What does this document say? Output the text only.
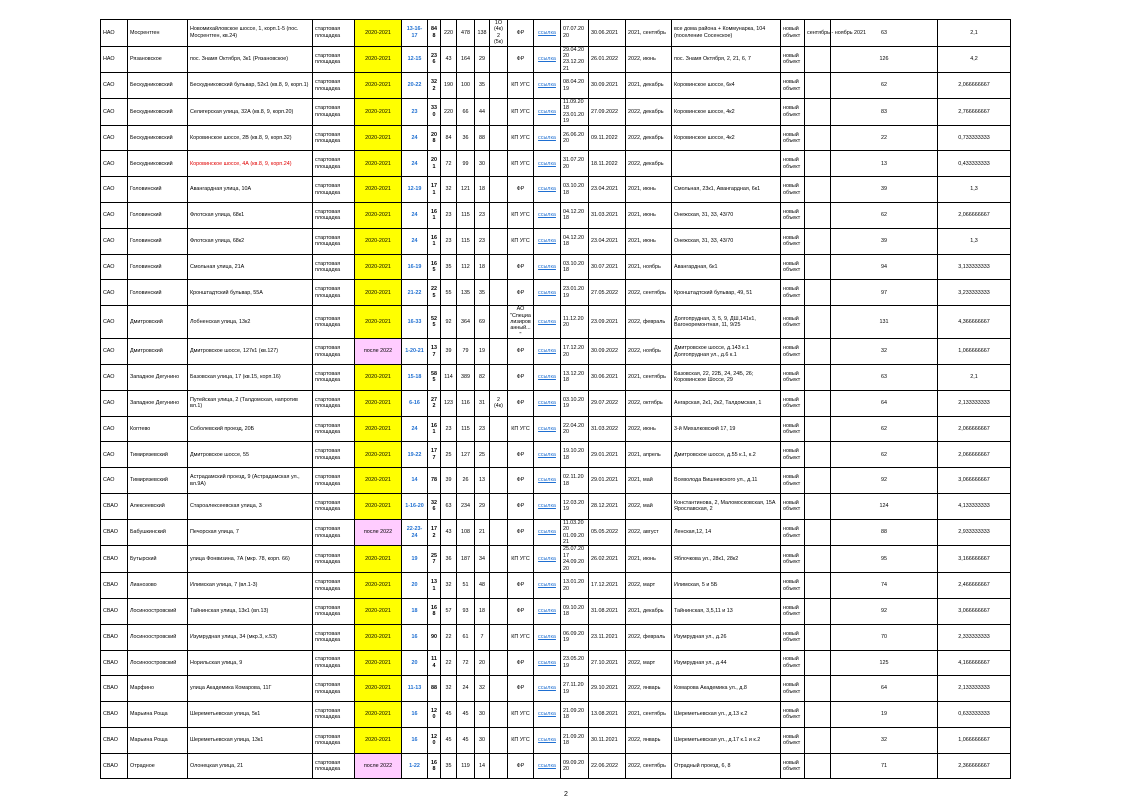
НАО	Мосрентген	Новомихайловское шоссе, 1, корп.1-5 (пос. Мосрентген, кв.24)	стартовая площадка	2020-2021	13-16-17	848	220	478	138	1О (4к) 2 (5к)	ФР	ссылка	07.07.2020	30.06.2021	2021, сентябрь	все дома района + Коммунарка, 104 (поселение Сосенское)	новый объект	сентябрь - ноябрь 2021	63	2,1
НАО	Рязановское	пос. Знамя Октября, 3к1 (Рязановское)	стартовая площадка	2020-2021	12-15	236	43	164	29		ФР	ссылка	29.04.2020 23.12.2021	26.01.2022	2022, июнь	пос. Знамя Октября, 2, 21, 6, 7	новый объект		126	4,2
САО	Бескудниковский	Бескудниковский бульвар, 52к1 (кв.8, 9, корп.1)	стартовая площадка	2020-2021	20-22	322	190	100	35		КП УГС	ссылка	08.04.2019	30.09.2021	2021, декабрь	Коровинское шоссе, 6к4	новый объект		62	2,066666667
САО	Бескудниковский	Селигерская улица, 32А (кв.8, 9, корп.20)	стартовая площадка	2020-2021	23	330	220	66	44		КП УГС	ссылка	11.09.2018 23.01.2019	27.09.2022	2022, декабрь	Коровинское шоссе, 4к2	новый объект		83	2,766666667
САО	Бескудниковский	Коровинское шоссе, 2В (кв.8, 9, корп.32)	стартовая площадка	2020-2021	24	208	84	36	88		КП УГС	ссылка	26.06.2020	09.11.2022	2022, декабрь	Коровинское шоссе, 4к2	новый объект		22	0,733333333
САО	Бескудниковский	Коровинское шоссе, 4А (кв.8, 9, корп.24)	стартовая площадка	2020-2021	24	201	72	99	30		КП УГС	ссылка	31.07.2020	18.11.2022	2022, декабрь		новый объект		13	0,433333333
САО	Головинский	Авангардная улица, 10А	стартовая площадка	2020-2021	12-19	171	32	121	18		ФР	ссылка	03.10.2018	23.04.2021	2021, июнь	Смольная, 23к1, Авангардная, 6к1	новый объект		39	1,3
САО	Головинский	Флотская улица, 68к1	стартовая площадка	2020-2021	24	161	23	115	23		КП УГС	ссылка	04.12.2018	31.03.2021	2021, июнь	Онежская, 31, 33, 43/70	новый объект		62	2,066666667
САО	Головинский	Флотская улица, 68к2	стартовая площадка	2020-2021	24	161	23	115	23		КП УГС	ссылка	04.12.2018	23.04.2021	2021, июнь	Онежская, 31, 33, 43/70	новый объект		39	1,3
САО	Головинский	Смольная улица, 21А	стартовая площадка	2020-2021	16-19	165	35	112	18		ФР	ссылка	03.10.2018	30.07.2021	2021, ноябрь	Авангардная, 6к1	новый объект		94	3,133333333
САО	Головинский	Кронштадтский бульвар, 55А	стартовая площадка	2020-2021	21-22	225	55	135	35		ФР	ссылка	23.01.2019	27.05.2022	2022, сентябрь	Кронштадтский бульвар, 49, 51	новый объект		97	3,233333333
САО	Дмитровский	Лобненская улица, 13к2	стартовая площадка	2020-2021	16-33	525	92	364	69		АО "Специализированный..."	ссылка	11.12.2020	23.09.2021	2022, февраль	Долгопрудная, 3, 5, 9, ДШ,141к1, Вагоноремонтная, 11, 9/25	новый объект		131	4,366666667
САО	Дмитровский	Дмитровское шоссе, 127к1 (кв.127)	стартовая площадка	после 2022	1-20-21	137	39	79	19		ФР	ссылка	17.12.2020	30.09.2022	2022, ноябрь	Дмитровское шоссе, д.143 к.1 Долгопрудная ул., д.6 к.1	новый объект		32	1,066666667
САО	Западное Дегунино	Базовская улица, 17 (кв.15, корп.16)	стартовая площадка	2020-2021	15-18	585	114	389	82		ФР	ссылка	13.12.2018	30.06.2021	2021, сентябрь	Базовская, 22, 22Б, 24, 24Б, 26; Коровинское Шоссе, 29	новый объект		63	2,1
САО	Западное Дегунино	Путейская улица, 2 (Талдомская, напротив вл.1)	стартовая площадка	2020-2021	6-16	272	123	116	31	2 (4к)	ФР	ссылка	03.10.2019	29.07.2022	2022, октябрь	Ангарская, 2к1, 2к2, Талдомская, 1	новый объект		64	2,133333333
САО	Коптево	Соболевский проезд, 20Б	стартовая площадка	2020-2021	24	161	23	115	23		КП УГС	ссылка	22.04.2020	31.03.2022	2022, июнь	3-й Михалковский 17, 19	новый объект		62	2,066666667
САО	Тимирязевский	Дмитровское шоссе, 55	стартовая площадка	2020-2021	19-22	177	25	127	25		ФР	ссылка	19.10.2018	29.01.2021	2021, апрель	Дмитровское шоссе, д.55 к.1, к.2	новый объект		62	2,066666667
САО	Тимирязевский	Астрадамский проезд, 9 (Астрадамская ул., вл.9А)	стартовая площадка	2020-2021	14	78	39	26	13		ФР	ссылка	02.11.2018	29.01.2021	2021, май	Всеволода Вишневского ул., д.11	новый объект		92	3,066666667
СВАО	Алексеевский	Староалексеевская улица, 3	стартовая площадка	2020-2021	1-16-20	326	63	234	29		ФР	ссылка	12.03.2019	28.12.2021	2022, май	Константинова, 2, Маломосковская, 15А Ярославская, 2	новый объект		124	4,133333333
СВАО	Бабушкинский	Печорская улица, 7	стартовая площадка	после 2022	22-23-24	172	43	108	21		ФР	ссылка	11.03.2020 01.09.2021	05.05.2022	2022, август	Ленская,12, 14	новый объект		88	2,933333333
СВАО	Бутырский	улица Фонвизина, 7А (мкр. 78, корп. 66)	стартовая площадка	2020-2021	19	257	36	187	34		КП УГС	ссылка	25.07.2017 24.09.2020	26.02.2021	2021, июнь	Яблочкова ул., 28к1, 28к2	новый объект		95	3,166666667
СВАО	Лианозово	Илимская улица, 7 (вл.1-3)	стартовая площадка	2020-2021	20	131	32	51	48		ФР	ссылка	13.01.2020	17.12.2021	2022, март	Илимская, 5 и 5Б	новый объект		74	2,466666667
СВАО	Лосиноостровский	Тайнинская улица, 13к1 (вл.13)	стартовая площадка	2020-2021	18	168	57	93	18		ФР	ссылка	09.10.2018	31.08.2021	2021, декабрь	Тайнинская, 3,5,11 и 13	новый объект		92	3,066666667
СВАО	Лосиноостровский	Изумрудная улица, 34 (мкр.3, к.53)	стартовая площадка	2020-2021	16	90	22	61	7		КП УГС	ссылка	06.09.2019	23.11.2021	2022, февраль	Изумрудная ул., д.26	новый объект		70	2,333333333
СВАО	Лосиноостровский	Норильская улица, 9	стартовая площадка	2020-2021	20	114	22	72	20		ФР	ссылка	23.05.2019	27.10.2021	2022, март	Изумрудная ул., д.44	новый объект		125	4,166666667
СВАО	Марфино	улица Академика Комарова, 11Г	стартовая площадка	2020-2021	11-13	88	32	24	32		ФР	ссылка	27.11.2019	29.10.2021	2022, январь	Комарова Академика ул., д.8	новый объект		64	2,133333333
СВАО	Марьина Роща	Шереметьевская улица, 5к1	стартовая площадка	2020-2021	16	120	45	45	30		КП УГС	ссылка	21.09.2018	13.08.2021	2021, сентябрь	Шереметьевская ул., д.13 к.2	новый объект		19	0,633333333
СВАО	Марьина Роща	Шереметьевская улица, 13к1	стартовая площадка	2020-2021	16	120	45	45	30		КП УГС	ссылка	21.09.2018	30.11.2021	2022, январь	Шереметьевская ул., д.17 к.1 и к.2	новый объект		32	1,066666667
СВАО	Отрадное	Олонецкая улица, 21	стартовая площадка	после 2022	1-22	168	35	119	14		ФР	ссылка	09.09.2020	22.06.2022	2022, сентябрь	Отрадный проезд, 6, 8	новый объект		71	2,366666667
2
